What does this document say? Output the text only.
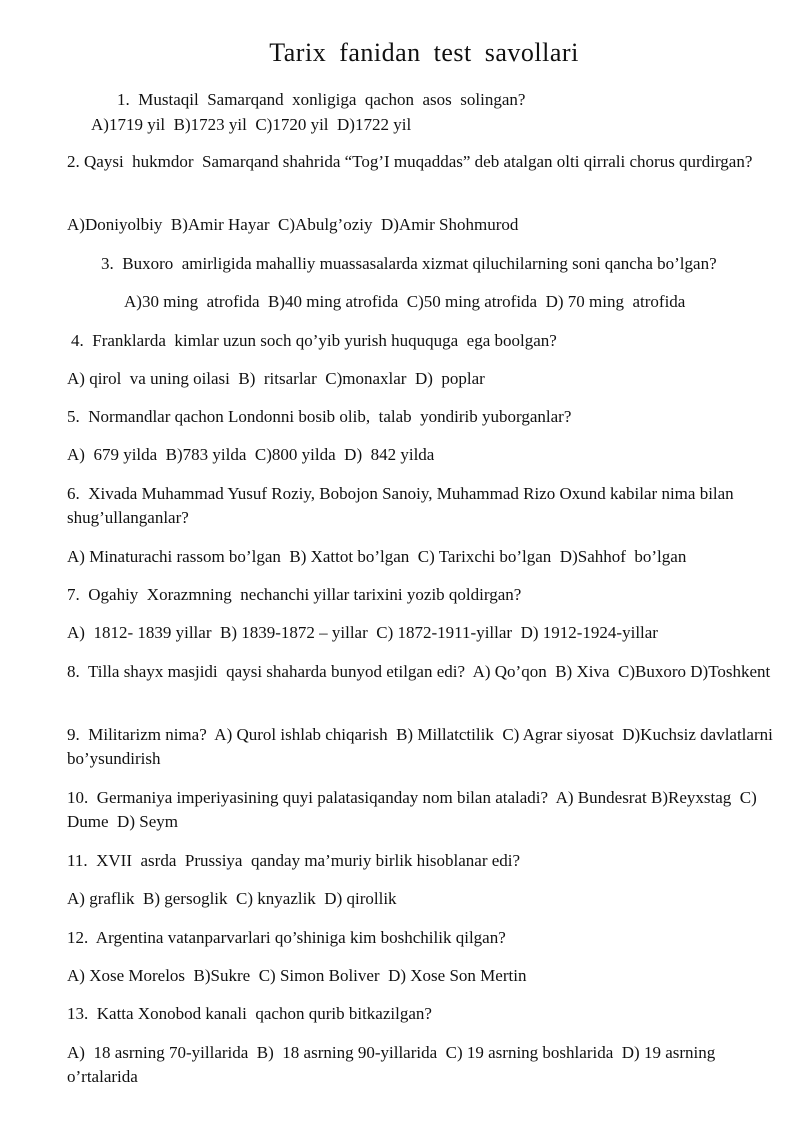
Tarix fanidan test savollari

1.  Mustaqil  Samarqand  xonligiga  qachon  asos  solingan?

A)1719 yil  B)1723 yil  C)1720 yil  D)1722 yil

2. Qaysi  hukmdor  Samarqand shahrida “Tog’I muqaddas” deb atalgan olti qirrali chorus qurdirgan?

A)Doniyolbiy  B)Amir Hayar  C)Abulg’oziy  D)Amir Shohmurod

3.  Buxoro  amirligida mahalliy muassasalarda xizmat qiluchilarning soni qancha bo’lgan?

A)30 ming  atrofida  B)40 ming atrofida  C)50 ming atrofida  D) 70 ming  atrofida

4.  Franklarda  kimlar uzun soch qo’yib yurish huququga  ega boolgan?

A) qirol  va uning oilasi  B)  ritsarlar  C)monaxlar  D)  poplar

5.  Normandlar qachon Londonni bosib olib,  talab  yondirib yuborganlar?

A)  679 yilda  B)783 yilda  C)800 yilda  D)  842 yilda

6.  Xivada Muhammad Yusuf Roziy, Bobojon Sanoiy, Muhammad Rizo Oxund kabilar nima bilan shug’ullanganlar?

A) Minaturachi rassom bo’lgan  B) Xattot bo’lgan  C) Tarixchi bo’lgan  D)Sahhof  bo’lgan

7.  Ogahiy  Xorazmning  nechanchi yillar tarixini yozib qoldirgan?

A)  1812- 1839 yillar  B) 1839-1872 – yillar  C) 1872-1911-yillar  D) 1912-1924-yillar

8.  Tilla shayx masjidi  qaysi shaharda bunyod etilgan edi?  A) Qo’qon  B) Xiva  C)Buxoro D)Toshkent

9.  Militarizm nima?  A) Qurol ishlab chiqarish  B) Millatctilik  C) Agrar siyosat  D)Kuchsiz davlatlarni bo’ysundirish

10.  Germaniya imperiyasining quyi palatasiqanday nom bilan ataladi?  A) Bundesrat B)Reyxstag  C) Dume  D) Seym

11.  XVII  asrda  Prussiya  qanday ma’muriy birlik hisoblanar edi?

A) graflik  B) gersoglik  C) knyazlik  D) qirollik

12.  Argentina vatanparvarlari qo’shiniga kim boshchilik qilgan?

A) Xose Morelos  B)Sukre  C) Simon Boliver  D) Xose Son Mertin

13.  Katta Xonobod kanali  qachon qurib bitkazilgan?

A)  18 asrning 70-yillarida  B)  18 asrning 90-yillarida  C) 19 asrning boshlarida  D) 19 asrning o’rtalarida
